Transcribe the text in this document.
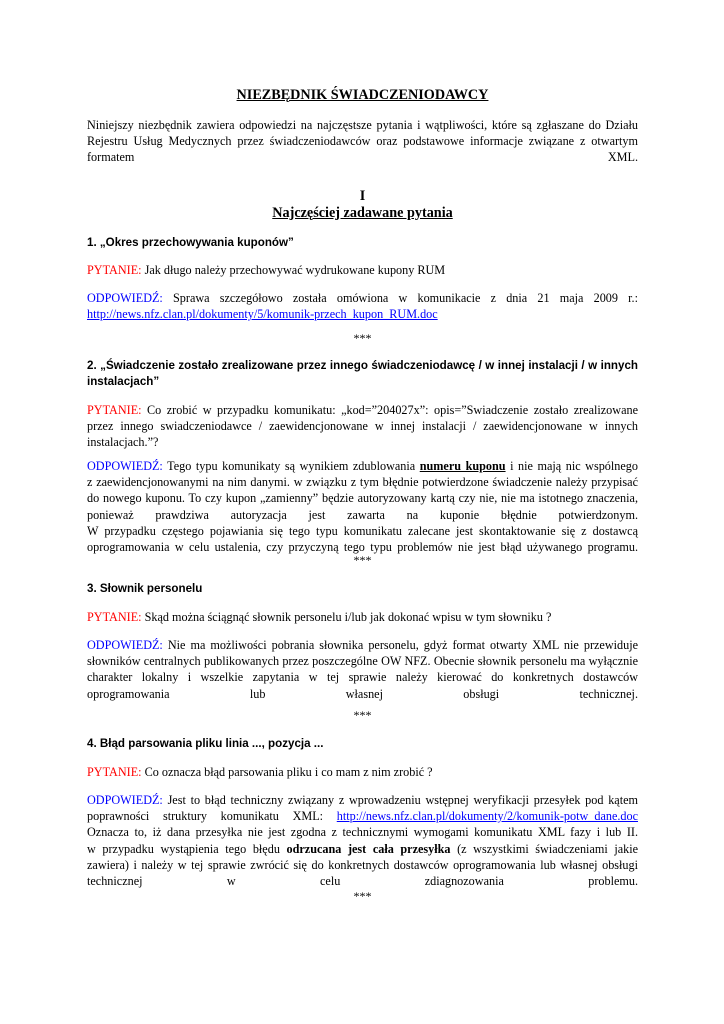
NIEZBĘDNIK ŚWIADCZENIODAWCY

Niniejszy niezbędnik zawiera odpowiedzi na najczęstsze pytania i wątpliwości, które są zgłaszane do Działu

Rejestru Usług Medycznych przez świadczeniodawców oraz podstawowe informacje związane z otwartym

formatem XML.

I
Najczęściej zadawane pytania

1. „Okres przechowywania kuponów”

PYTANIE: Jak długo należy przechowywać wydrukowane kupony RUM

ODPOWIEDŹ: Sprawa szczegółowo została omówiona w komunikacie z dnia 21 maja 2009 r.:

http://news.nfz.clan.pl/dokumenty/5/komunik-przech_kupon_RUM.doc

***

2. „Świadczenie zostało zrealizowane przez innego świadczeniodawcę / w innej instalacji / w innych

instalacjach”

PYTANIE: Co zrobić w przypadku komunikatu: „kod=”204027x”: opis=”Swiadczenie zostało zrealizowane

przez innego swiadczeniodawce / zaewidencjonowane w innej instalacji / zaewidencjonowane w innych

instalacjach.”?

ODPOWIEDŹ: Tego typu komunikaty są wynikiem zdublowania numeru kuponu i nie mają nic wspólnego

z zaewidencjonowanymi na nim danymi. w związku z tym błędnie potwierdzone świadczenie należy przypisać

do nowego kuponu. To czy kupon „zamienny” będzie autoryzowany kartą czy nie, nie ma istotnego znaczenia,

ponieważ prawdziwa autoryzacja jest zawarta na kuponie błędnie potwierdzonym.

W przypadku częstego pojawiania się tego typu komunikatu zalecane jest skontaktowanie się z dostawcą

oprogramowania w celu ustalenia, czy przyczyną tego typu problemów nie jest błąd używanego programu.

***

3. Słownik personelu

PYTANIE: Skąd można ściągnąć słownik personelu i/lub jak dokonać wpisu w tym słowniku ?

ODPOWIEDŹ: Nie ma możliwości pobrania słownika personelu, gdyż format otwarty XML nie przewiduje

słowników centralnych publikowanych przez poszczególne OW NFZ. Obecnie słownik personelu ma wyłącznie

charakter lokalny i wszelkie zapytania w tej sprawie należy kierować do konkretnych dostawców

oprogramowania lub własnej obsługi technicznej.

***

4. Błąd parsowania pliku linia ..., pozycja ...

PYTANIE: Co oznacza błąd parsowania pliku i co mam z nim zrobić ?

ODPOWIEDŹ: Jest to błąd techniczny związany z wprowadzeniu wstępnej weryfikacji przesyłek pod kątem

poprawności struktury komunikatu XML: http://news.nfz.clan.pl/dokumenty/2/komunik-potw_dane.doc

Oznacza to, iż dana przesyłka nie jest zgodna z technicznymi wymogami komunikatu XML fazy i lub II.

w przypadku wystąpienia tego błędu odrzucana jest cała przesyłka (z wszystkimi świadczeniami jakie

zawiera) i należy w tej sprawie zwrócić się do konkretnych dostawców oprogramowania lub własnej obsługi

technicznej w celu zdiagnozowania problemu.

***
